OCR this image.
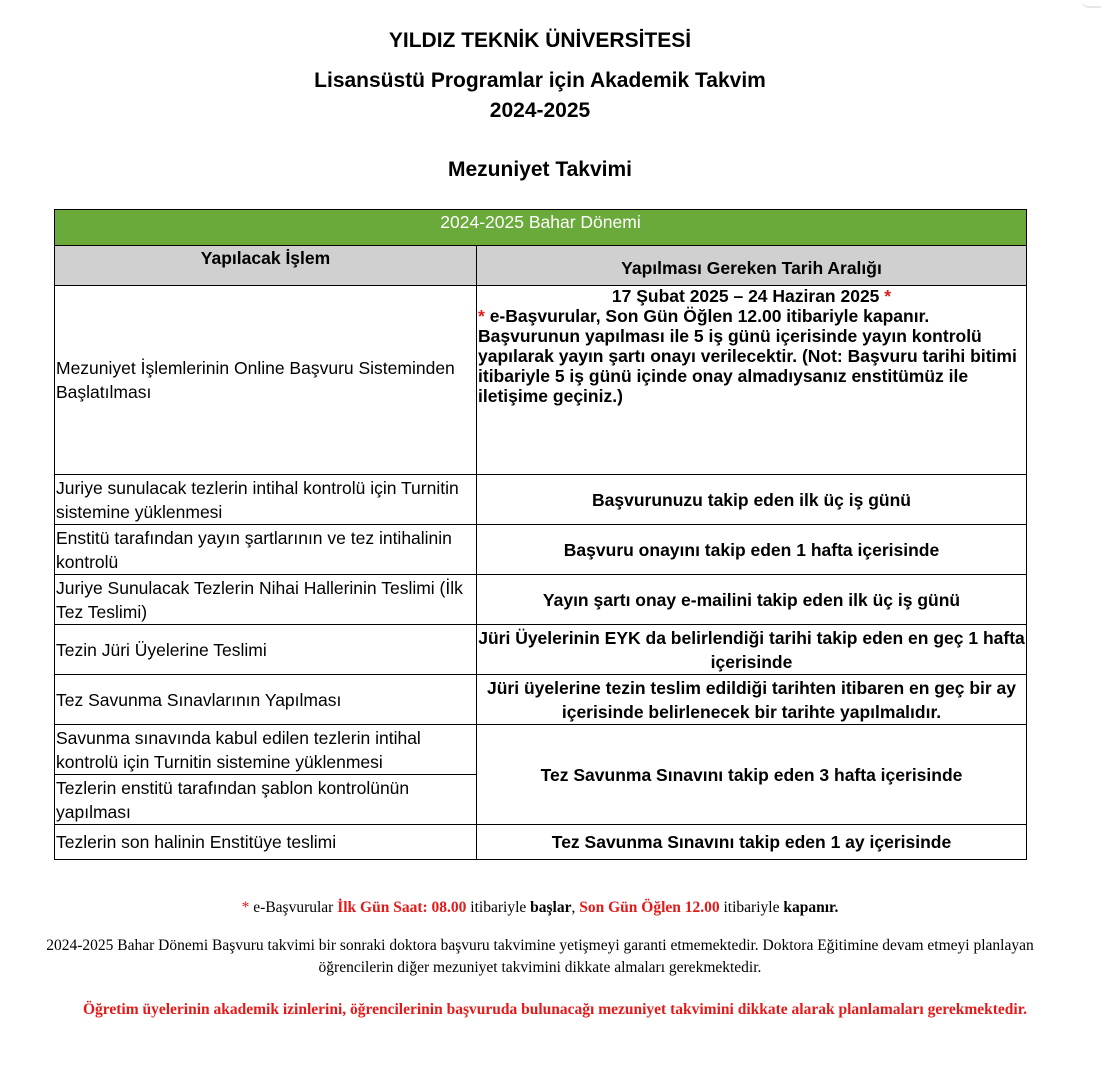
YILDIZ TEKNİK ÜNİVERSİTESİ
Lisansüstü Programlar için Akademik Takvim
2024-2025
Mezuniyet Takvimi
2024-2025 Bahar Dönemi	
Yapılacak İşlem	Yapılması Gereken Tarih Aralığı
Mezuniyet İşlemlerinin Online Başvuru Sisteminden Başlatılması	17 Şubat 2025 – 24 Haziran 2025 *
* e-Başvurular, Son Gün Öğlen 12.00 itibariyle kapanır. Başvurunun yapılması ile 5 iş günü içerisinde yayın kontrolü yapılarak yayın şartı onayı verilecektir. (Not: Başvuru tarihi bitimi itibariyle 5 iş günü içinde onay almadıysanız enstitümüz ile iletişime geçiniz.)
Juriye sunulacak tezlerin intihal kontrolü için Turnitin sistemine yüklenmesi	Başvurunuzu takip eden ilk üç iş günü
Enstitü tarafından yayın şartlarının ve tez intihalinin kontrolü	Başvuru onayını takip eden 1 hafta içerisinde
Juriye Sunulacak Tezlerin Nihai Hallerinin Teslimi (İlk Tez Teslimi)	Yayın şartı onay e-mailini takip eden ilk üç iş günü
Tezin Jüri Üyelerine Teslimi	Jüri Üyelerinin EYK da belirlendiği tarihi takip eden en geç 1 hafta içerisinde
Tez Savunma Sınavlarının Yapılması	Jüri üyelerine tezin teslim edildiği tarihten itibaren en geç bir ay içerisinde belirlenecek bir tarihte yapılmalıdır.
Savunma sınavında kabul edilen tezlerin intihal kontrolü için Turnitin sistemine yüklenmesi	Tez Savunma Sınavını takip eden 3 hafta içerisinde
Tezlerin enstitü tarafından şablon kontrolünün yapılması	
Tezlerin son halinin Enstitüye teslimi	Tez Savunma Sınavını takip eden 1 ay içerisinde
* e-Başvurular İlk Gün Saat: 08.00 itibariyle başlar, Son Gün Öğlen 12.00 itibariyle kapanır.
2024-2025 Bahar Dönemi Başvuru takvimi bir sonraki doktora başvuru takvimine yetişmeyi garanti etmemektedir. Doktora Eğitimine devam etmeyi planlayan öğrencilerin diğer mezuniyet takvimini dikkate almaları gerekmektedir.
Öğretim üyelerinin akademik izinlerini, öğrencilerinin başvuruda bulunacağı mezuniyet takvimini dikkate alarak planlamaları gerekmektedir.
